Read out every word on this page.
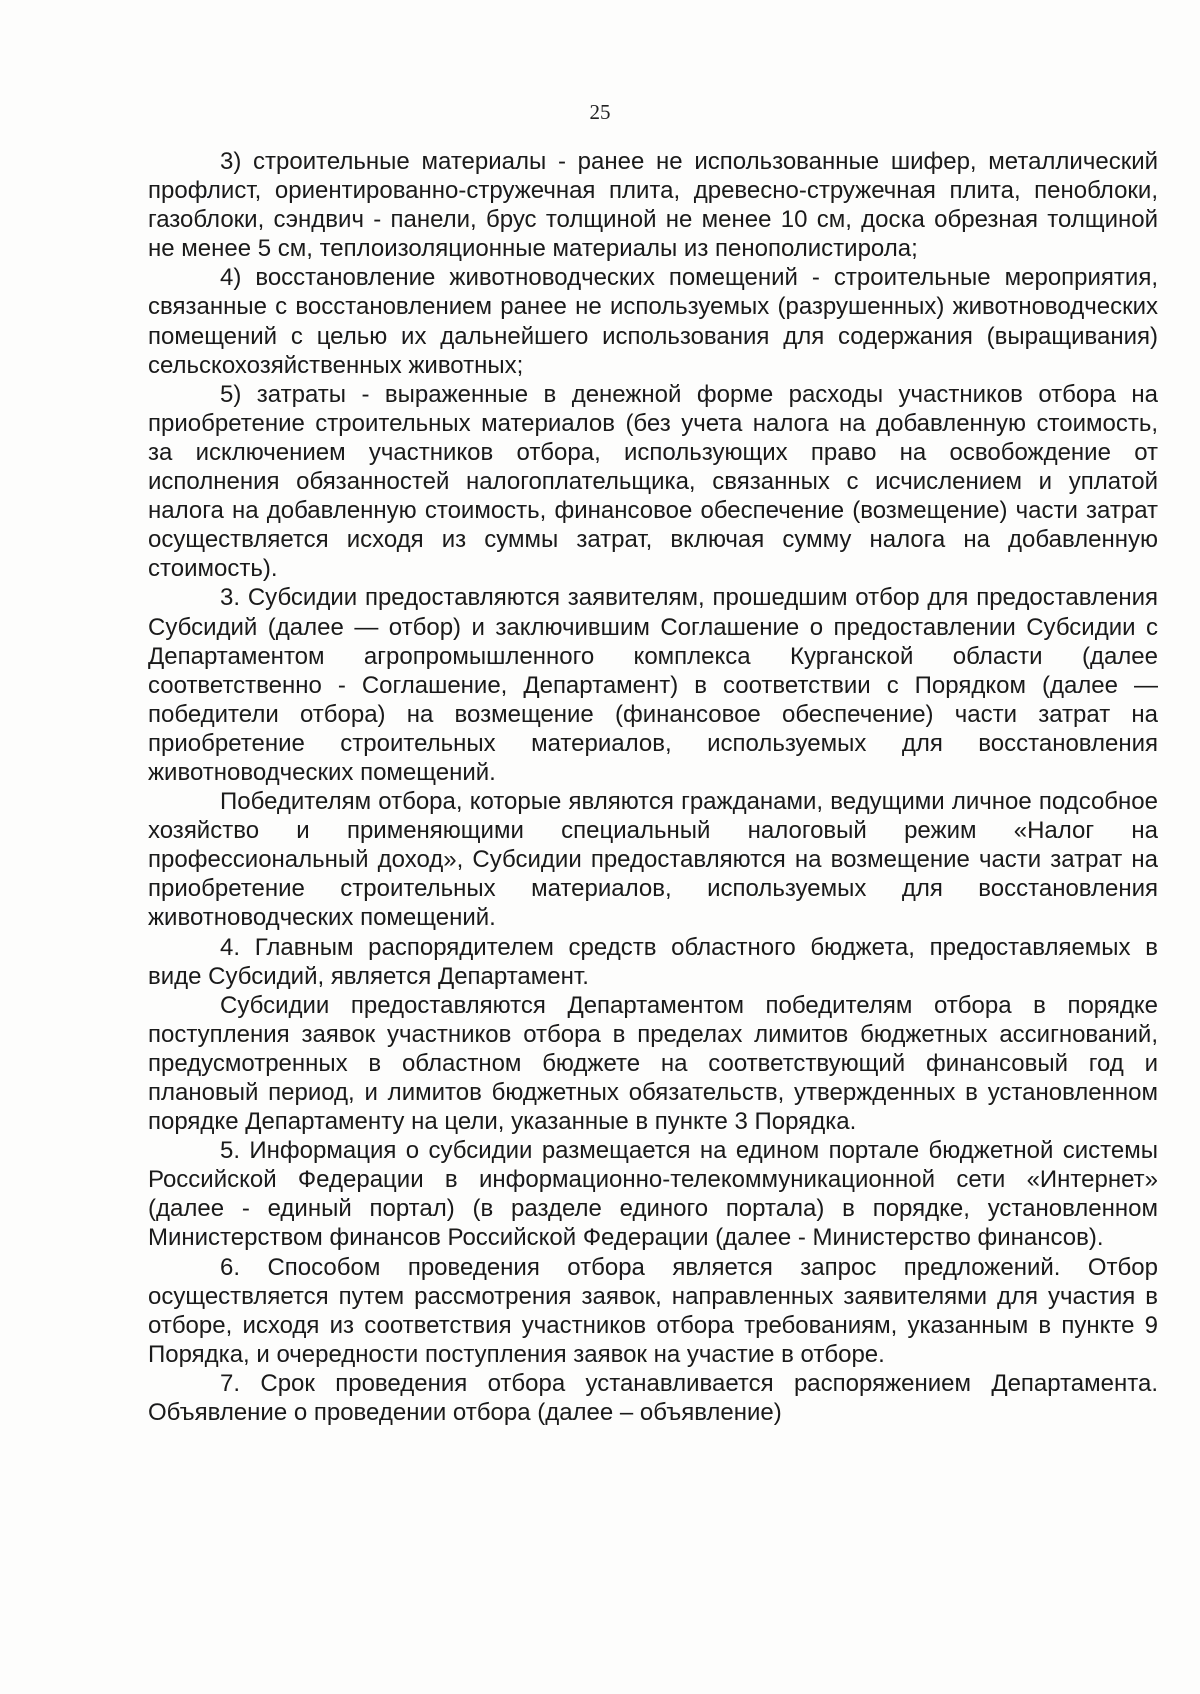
25

3) строительные материалы - ранее не использованные шифер, металлический профлист, ориентированно-стружечная плита, древесно-стружечная плита, пеноблоки, газоблоки, сэндвич - панели, брус толщиной не менее 10 см, доска обрезная толщиной не менее 5 см, теплоизоляционные материалы из пенополистирола;

4) восстановление животноводческих помещений - строительные мероприятия, связанные с восстановлением ранее не используемых (разрушенных) животноводческих помещений с целью их дальнейшего использования для содержания (выращивания) сельскохозяйственных животных;

5) затраты - выраженные в денежной форме расходы участников отбора на приобретение строительных материалов (без учета налога на добавленную стоимость, за исключением участников отбора, использующих право на освобождение от исполнения обязанностей налогоплательщика, связанных с исчислением и уплатой налога на добавленную стоимость, финансовое обеспечение (возмещение) части затрат осуществляется исходя из суммы затрат, включая сумму налога на добавленную стоимость).

3. Субсидии предоставляются заявителям, прошедшим отбор для предоставления Субсидий (далее — отбор) и заключившим Соглашение о предоставлении Субсидии с Департаментом агропромышленного комплекса Курганской области (далее соответственно - Соглашение, Департамент) в соответствии с Порядком (далее — победители отбора) на возмещение (финансовое обеспечение) части затрат на приобретение строительных материалов, используемых для восстановления животноводческих помещений.

Победителям отбора, которые являются гражданами, ведущими личное подсобное хозяйство и применяющими специальный налоговый режим «Налог на профессиональный доход», Субсидии предоставляются на возмещение части затрат на приобретение строительных материалов, используемых для восстановления животноводческих помещений.

4. Главным распорядителем средств областного бюджета, предоставляемых в виде Субсидий, является Департамент.

Субсидии предоставляются Департаментом победителям отбора в порядке поступления заявок участников отбора в пределах лимитов бюджетных ассигнований, предусмотренных в областном бюджете на соответствующий финансовый год и плановый период, и лимитов бюджетных обязательств, утвержденных в установленном порядке Департаменту на цели, указанные в пункте 3 Порядка.

5. Информация о субсидии размещается на едином портале бюджетной системы Российской Федерации в информационно-телекоммуникационной сети «Интернет» (далее - единый портал) (в разделе единого портала) в порядке, установленном Министерством финансов Российской Федерации (далее - Министерство финансов).

6. Способом проведения отбора является запрос предложений. Отбор осуществляется путем рассмотрения заявок, направленных заявителями для участия в отборе, исходя из соответствия участников отбора требованиям, указанным в пункте 9 Порядка, и очередности поступления заявок на участие в отборе.

7. Срок проведения отбора устанавливается распоряжением Департамента. Объявление о проведении отбора (далее – объявление)
